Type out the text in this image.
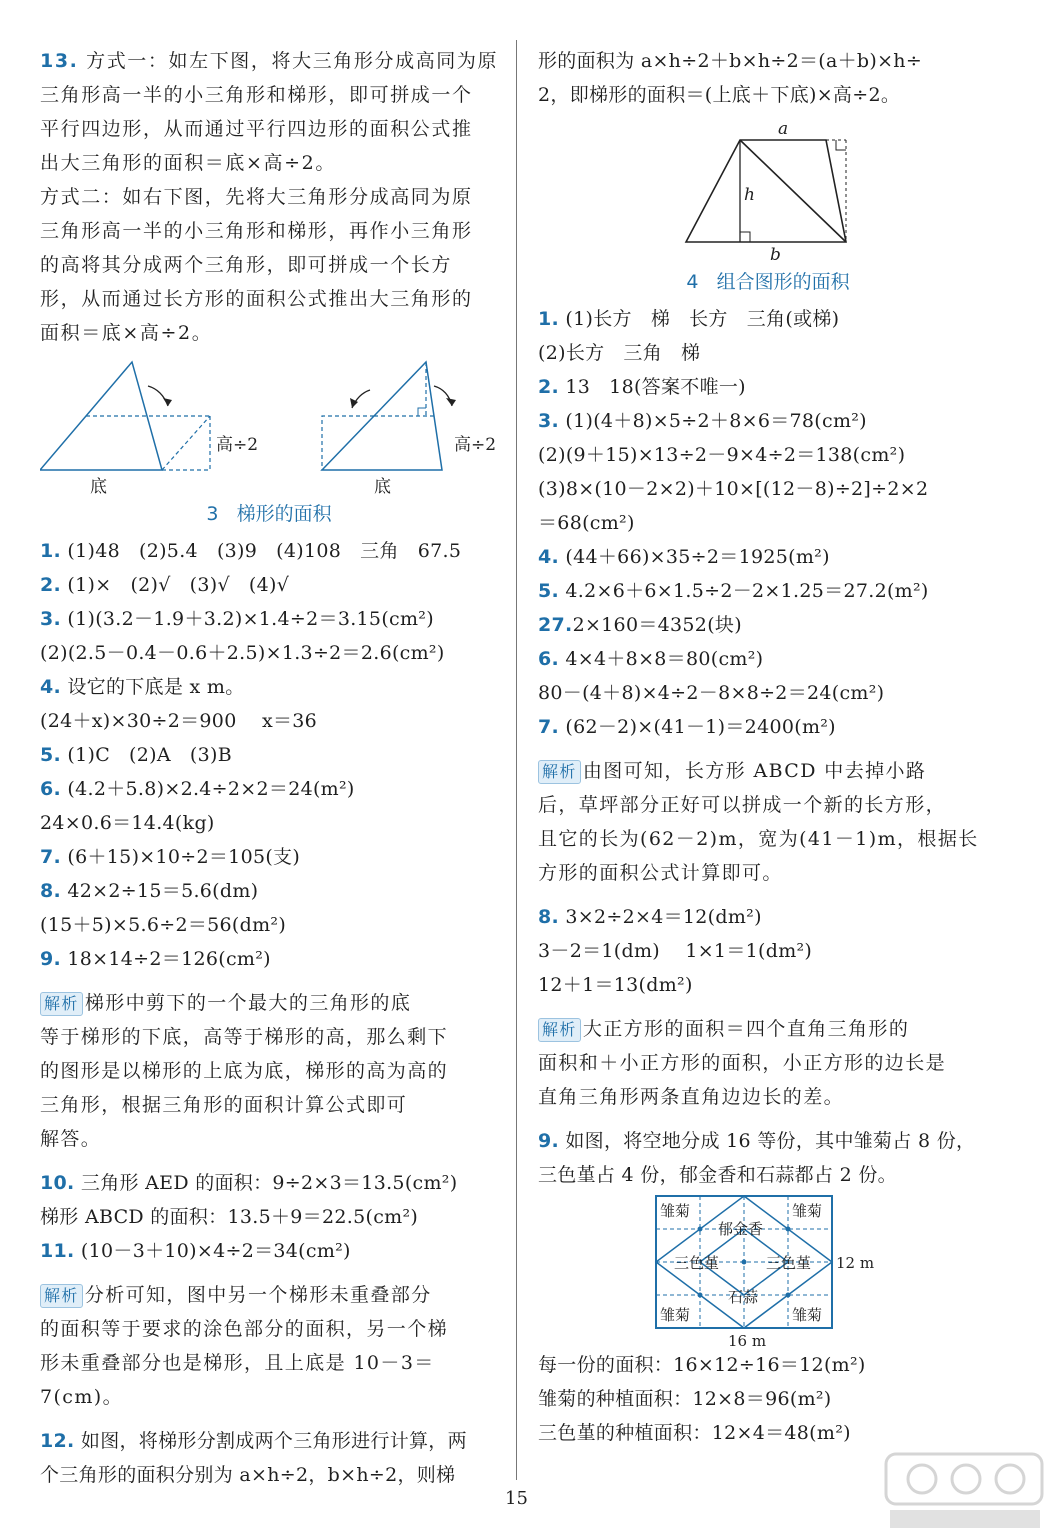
13. 方式一：如左下图，将大三角形分成高同为原
三角形高一半的小三角形和梯形，即可拼成一个
平行四边形，从而通过平行四边形的面积公式推
出大三角形的面积＝底×高÷2。
方式二：如右下图，先将大三角形分成高同为原
三角形高一半的小三角形和梯形，再作小三角形
的高将其分成两个三角形，即可拼成一个长方
形，从而通过长方形的面积公式推出大三角形的
面积＝底×高÷2。
高÷2
底
高÷2
底
3   梯形的面积
1. (1)48   (2)5.4   (3)9   (4)108   三角   67.5
2. (1)×   (2)√   (3)√   (4)√
3. (1)(3.2－1.9＋3.2)×1.4÷2＝3.15(cm²)
(2)(2.5－0.4－0.6＋2.5)×1.3÷2＝2.6(cm²)
4. 设它的下底是 x m。
(24＋x)×30÷2＝900    x＝36
5. (1)C   (2)A   (3)B
6. (4.2＋5.8)×2.4÷2×2＝24(m²)
24×0.6＝14.4(kg)
7. (6＋15)×10÷2＝105(支)
8. 42×2÷15＝5.6(dm)
(15＋5)×5.6÷2＝56(dm²)
9. 18×14÷2＝126(cm²)
解析 梯形中剪下的一个最大的三角形的底
等于梯形的下底，高等于梯形的高，那么剩下
的图形是以梯形的上底为底，梯形的高为高的
三角形，根据三角形的面积计算公式即可
解答。
10. 三角形 AED 的面积：9÷2×3＝13.5(cm²)
梯形 ABCD 的面积：13.5＋9＝22.5(cm²)
11. (10－3＋10)×4÷2＝34(cm²)
解析 分析可知，图中另一个梯形未重叠部分
的面积等于要求的涂色部分的面积，另一个梯
形未重叠部分也是梯形，且上底是 10－3＝
7(cm)。
12. 如图，将梯形分割成两个三角形进行计算，两
个三角形的面积分别为 a×h÷2，b×h÷2，则梯
形的面积为 a×h÷2＋b×h÷2＝(a＋b)×h÷
2，即梯形的面积＝(上底＋下底)×高÷2。
a
h
b
4   组合图形的面积
1. (1)长方   梯   长方   三角(或梯)
(2)长方   三角   梯
2. 13   18(答案不唯一)
3. (1)(4＋8)×5÷2＋8×6＝78(cm²)
(2)(9＋15)×13÷2－9×4÷2＝138(cm²)
(3)8×(10－2×2)＋10×[(12－8)÷2]÷2×2
＝68(cm²)
4. (44＋66)×35÷2＝1925(m²)
5. 4.2×6＋6×1.5÷2－2×1.25＝27.2(m²)
27.2×160＝4352(块)
6. 4×4＋8×8＝80(cm²)
80－(4＋8)×4÷2－8×8÷2＝24(cm²)
7. (62－2)×(41－1)＝2400(m²)
解析 由图可知，长方形 ABCD 中去掉小路
后，草坪部分正好可以拼成一个新的长方形，
且它的长为(62－2)m，宽为(41－1)m，根据长
方形的面积公式计算即可。
8. 3×2÷2×4＝12(dm²)
3－2＝1(dm)    1×1＝1(dm²)
12＋1＝13(dm²)
解析 大正方形的面积＝四个直角三角形的
面积和＋小正方形的面积，小正方形的边长是
直角三角形两条直角边边长的差。
9. 如图，将空地分成 16 等份，其中雏菊占 8 份，
三色堇占 4 份，郁金香和石蒜都占 2 份。
雏菊	雏菊
雏菊	雏菊
郁金香
三色堇	三色堇
石蒜
12 m
16 m
每一份的面积：16×12÷16＝12(m²)
雏菊的种植面积：12×8＝96(m²)
三色堇的种植面积：12×4＝48(m²)
15
